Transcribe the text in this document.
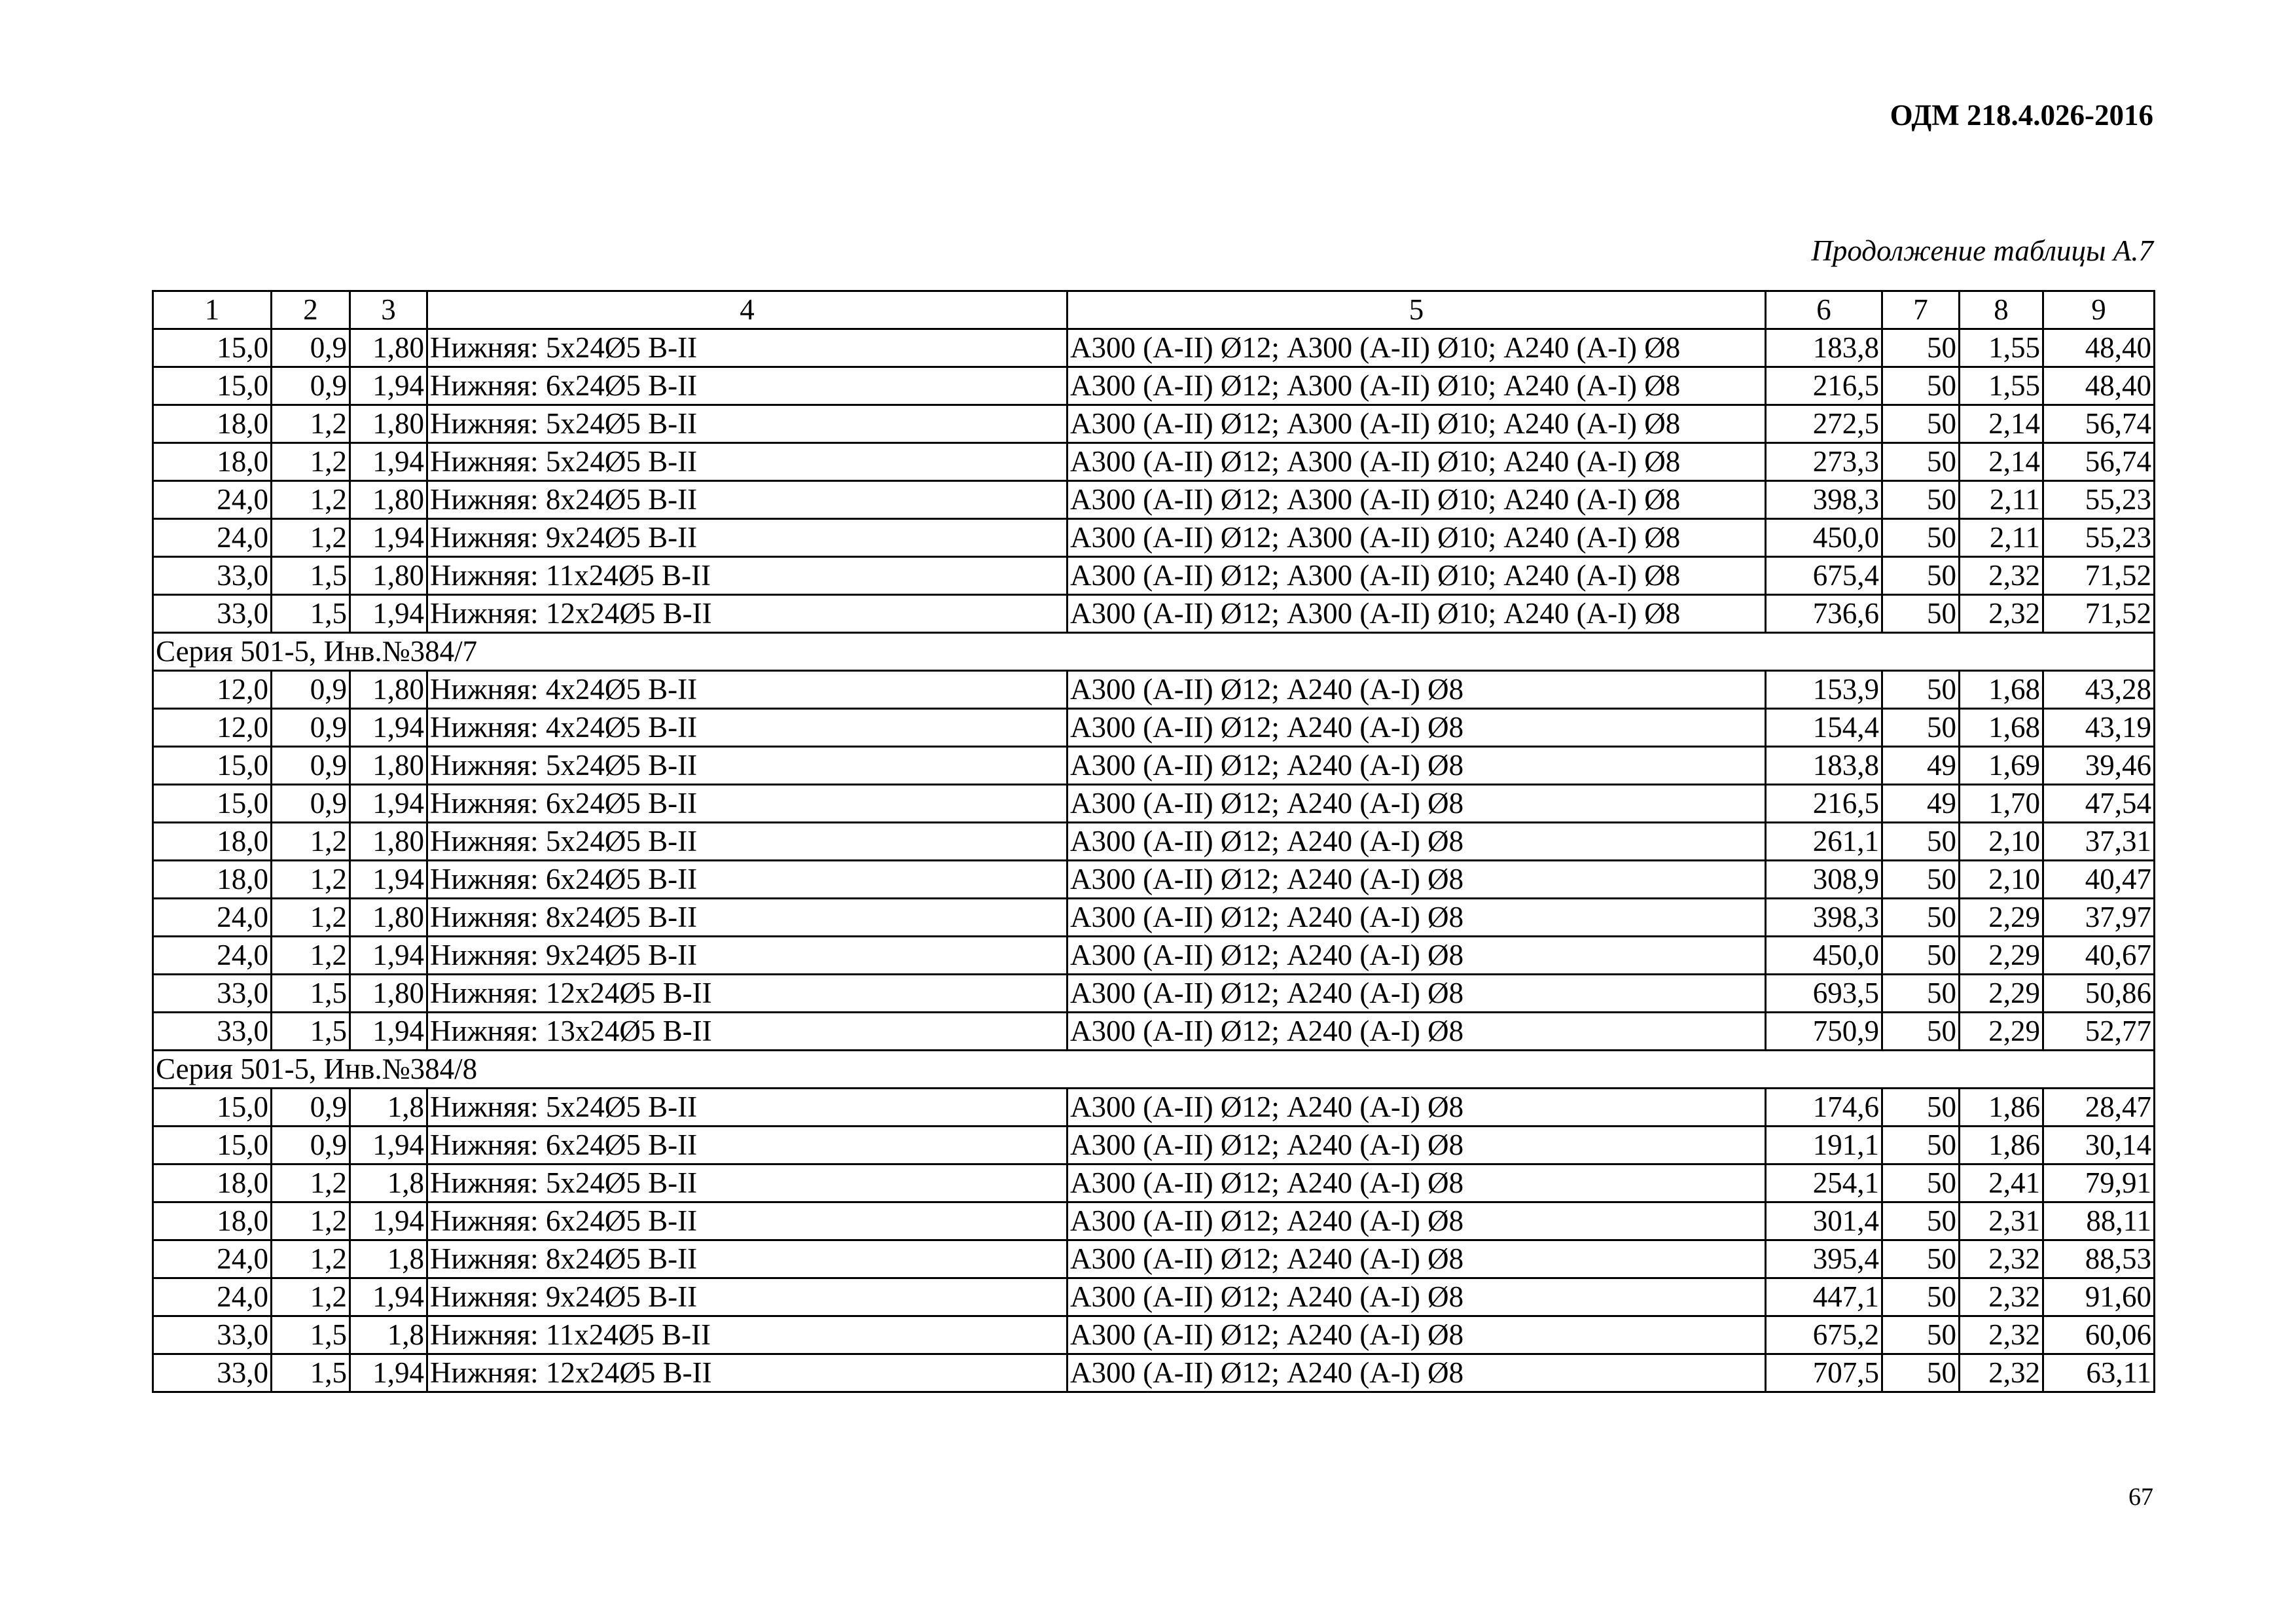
ОДМ 218.4.026-2016
Продолжение таблицы А.7
1	2	3	4	5	6	7	8	9
15,0	0,9	1,80	Нижняя: 5x24Ø5 B-II	А300 (А-II) Ø12; А300 (А-II) Ø10; А240 (А-I) Ø8	183,8	50	1,55	48,40
15,0	0,9	1,94	Нижняя: 6x24Ø5 B-II	А300 (А-II) Ø12; А300 (А-II) Ø10; А240 (А-I) Ø8	216,5	50	1,55	48,40
18,0	1,2	1,80	Нижняя: 5x24Ø5 B-II	А300 (А-II) Ø12; А300 (А-II) Ø10; А240 (А-I) Ø8	272,5	50	2,14	56,74
18,0	1,2	1,94	Нижняя: 5x24Ø5 B-II	А300 (А-II) Ø12; А300 (А-II) Ø10; А240 (А-I) Ø8	273,3	50	2,14	56,74
24,0	1,2	1,80	Нижняя: 8x24Ø5 B-II	А300 (А-II) Ø12; А300 (А-II) Ø10; А240 (А-I) Ø8	398,3	50	2,11	55,23
24,0	1,2	1,94	Нижняя: 9x24Ø5 B-II	А300 (А-II) Ø12; А300 (А-II) Ø10; А240 (А-I) Ø8	450,0	50	2,11	55,23
33,0	1,5	1,80	Нижняя: 11x24Ø5 B-II	А300 (А-II) Ø12; А300 (А-II) Ø10; А240 (А-I) Ø8	675,4	50	2,32	71,52
33,0	1,5	1,94	Нижняя: 12x24Ø5 B-II	А300 (А-II) Ø12; А300 (А-II) Ø10; А240 (А-I) Ø8	736,6	50	2,32	71,52
Серия 501-5, Инв.№384/7								
12,0	0,9	1,80	Нижняя: 4x24Ø5 B-II	А300 (А-II) Ø12; А240 (А-I) Ø8	153,9	50	1,68	43,28
12,0	0,9	1,94	Нижняя: 4x24Ø5 B-II	А300 (А-II) Ø12; А240 (А-I) Ø8	154,4	50	1,68	43,19
15,0	0,9	1,80	Нижняя: 5x24Ø5 B-II	А300 (А-II) Ø12; А240 (А-I) Ø8	183,8	49	1,69	39,46
15,0	0,9	1,94	Нижняя: 6x24Ø5 B-II	А300 (А-II) Ø12; А240 (А-I) Ø8	216,5	49	1,70	47,54
18,0	1,2	1,80	Нижняя: 5x24Ø5 B-II	А300 (А-II) Ø12; А240 (А-I) Ø8	261,1	50	2,10	37,31
18,0	1,2	1,94	Нижняя: 6x24Ø5 B-II	А300 (А-II) Ø12; А240 (А-I) Ø8	308,9	50	2,10	40,47
24,0	1,2	1,80	Нижняя: 8x24Ø5 B-II	А300 (А-II) Ø12; А240 (А-I) Ø8	398,3	50	2,29	37,97
24,0	1,2	1,94	Нижняя: 9x24Ø5 B-II	А300 (А-II) Ø12; А240 (А-I) Ø8	450,0	50	2,29	40,67
33,0	1,5	1,80	Нижняя: 12x24Ø5 B-II	А300 (А-II) Ø12; А240 (А-I) Ø8	693,5	50	2,29	50,86
33,0	1,5	1,94	Нижняя: 13x24Ø5 B-II	А300 (А-II) Ø12; А240 (А-I) Ø8	750,9	50	2,29	52,77
Серия 501-5, Инв.№384/8								
15,0	0,9	1,8	Нижняя: 5x24Ø5 B-II	А300 (А-II) Ø12; А240 (А-I) Ø8	174,6	50	1,86	28,47
15,0	0,9	1,94	Нижняя: 6x24Ø5 B-II	А300 (А-II) Ø12; А240 (А-I) Ø8	191,1	50	1,86	30,14
18,0	1,2	1,8	Нижняя: 5x24Ø5 B-II	А300 (А-II) Ø12; А240 (А-I) Ø8	254,1	50	2,41	79,91
18,0	1,2	1,94	Нижняя: 6x24Ø5 B-II	А300 (А-II) Ø12; А240 (А-I) Ø8	301,4	50	2,31	88,11
24,0	1,2	1,8	Нижняя: 8x24Ø5 B-II	А300 (А-II) Ø12; А240 (А-I) Ø8	395,4	50	2,32	88,53
24,0	1,2	1,94	Нижняя: 9x24Ø5 B-II	А300 (А-II) Ø12; А240 (А-I) Ø8	447,1	50	2,32	91,60
33,0	1,5	1,8	Нижняя: 11x24Ø5 B-II	А300 (А-II) Ø12; А240 (А-I) Ø8	675,2	50	2,32	60,06
33,0	1,5	1,94	Нижняя: 12x24Ø5 B-II	А300 (А-II) Ø12; А240 (А-I) Ø8	707,5	50	2,32	63,11
67
